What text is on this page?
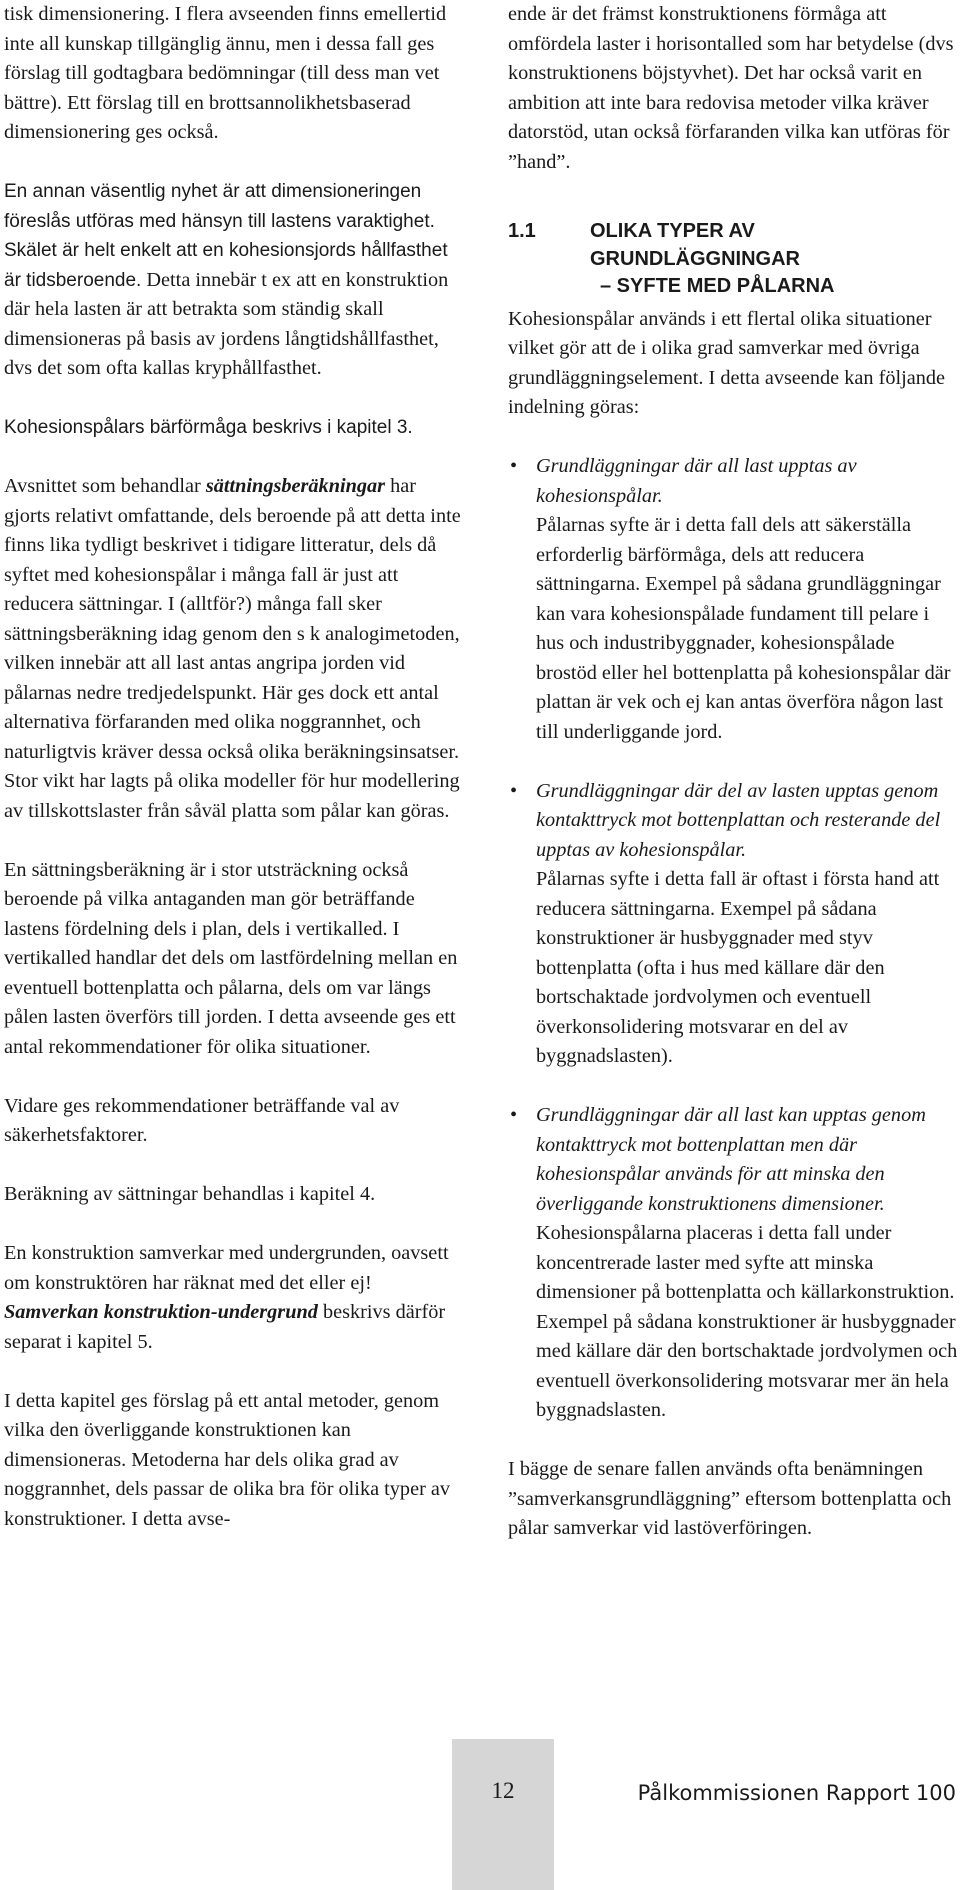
tisk dimensionering. I flera avseenden finns emellertid inte all kunskap tillgänglig ännu, men i dessa fall ges förslag till godtagbara bedömningar (till dess man vet bättre). Ett förslag till en brottsannolikhetsbaserad dimensionering ges också.

En annan väsentlig nyhet är att dimensioneringen föreslås utföras med hänsyn till lastens varaktighet. Skälet är helt enkelt att en kohesionsjords hållfasthet är tidsberoende. Detta innebär t ex att en konstruktion där hela lasten är att betrakta som ständig skall dimensioneras på basis av jordens långtidshållfasthet, dvs det som ofta kallas kryphållfasthet.

Kohesionspålars bärförmåga beskrivs i kapitel 3.

Avsnittet som behandlar sättningsberäkningar har gjorts relativt omfattande, dels beroende på att detta inte finns lika tydligt beskrivet i tidigare litteratur, dels då syftet med kohesionspålar i många fall är just att reducera sättningar. I (alltför?) många fall sker sättningsberäkning idag genom den s k analogimetoden, vilken innebär att all last antas angripa jorden vid pålarnas nedre tredjedelspunkt. Här ges dock ett antal alternativa förfaranden med olika noggrannhet, och naturligtvis kräver dessa också olika beräkningsinsatser. Stor vikt har lagts på olika modeller för hur modellering av tillskottslaster från såväl platta som pålar kan göras.

En sättningsberäkning är i stor utsträckning också beroende på vilka antaganden man gör beträffande lastens fördelning dels i plan, dels i vertikalled. I vertikalled handlar det dels om lastfördelning mellan en eventuell bottenplatta och pålarna, dels om var längs pålen lasten överförs till jorden. I detta avseende ges ett antal rekommendationer för olika situationer.

Vidare ges rekommendationer beträffande val av säkerhetsfaktorer.

Beräkning av sättningar behandlas i kapitel 4.

En konstruktion samverkar med undergrunden, oavsett om konstruktören har räknat med det eller ej! Samverkan konstruktion-undergrund beskrivs därför separat i kapitel 5.

I detta kapitel ges förslag på ett antal metoder, genom vilka den överliggande konstruktionen kan dimensioneras. Metoderna har dels olika grad av noggrannhet, dels passar de olika bra för olika typer av konstruktioner. I detta avse-

ende är det främst konstruktionens förmåga att omfördela laster i horisontalled som har betydelse (dvs konstruktionens böjstyvhet). Det har också varit en ambition att inte bara redovisa metoder vilka kräver datorstöd, utan också förfaranden vilka kan utföras för ”hand”.

1.1	OLIKA TYPER AV
GRUNDLÄGGNINGAR
– SYFTE MED PÅLARNA

Kohesionspålar används i ett flertal olika situationer vilket gör att de i olika grad samverkar med övriga grundläggningselement. I detta avseende kan följande indelning göras:

• Grundläggningar där all last upptas av kohesionspålar.
Pålarnas syfte är i detta fall dels att säkerställa erforderlig bärförmåga, dels att reducera sättningarna. Exempel på sådana grundläggningar kan vara kohesionspålade fundament till pelare i hus och industribyggnader, kohesionspålade brostöd eller hel bottenplatta på kohesionspålar där plattan är vek och ej kan antas överföra någon last till underliggande jord.
• Grundläggningar där del av lasten upptas genom kontakttryck mot bottenplattan och resterande del upptas av kohesionspålar.
Pålarnas syfte i detta fall är oftast i första hand att reducera sättningarna. Exempel på sådana konstruktioner är husbyggnader med styv bottenplatta (ofta i hus med källare där den bortschaktade jordvolymen och eventuell överkonsolidering motsvarar en del av byggnadslasten).
• Grundläggningar där all last kan upptas genom kontakttryck mot bottenplattan men där kohesionspålar används för att minska den överliggande konstruktionens dimensioner.
Kohesionspålarna placeras i detta fall under koncentrerade laster med syfte att minska dimensioner på bottenplatta och källarkonstruktion. Exempel på sådana konstruktioner är husbyggnader med källare där den bortschaktade jordvolymen och eventuell överkonsolidering motsvarar mer än hela byggnadslasten.

I bägge de senare fallen används ofta benämningen ”samverkansgrundläggning” eftersom bottenplatta och pålar samverkar vid lastöverföringen.

12	Pålkommissionen Rapport 100
